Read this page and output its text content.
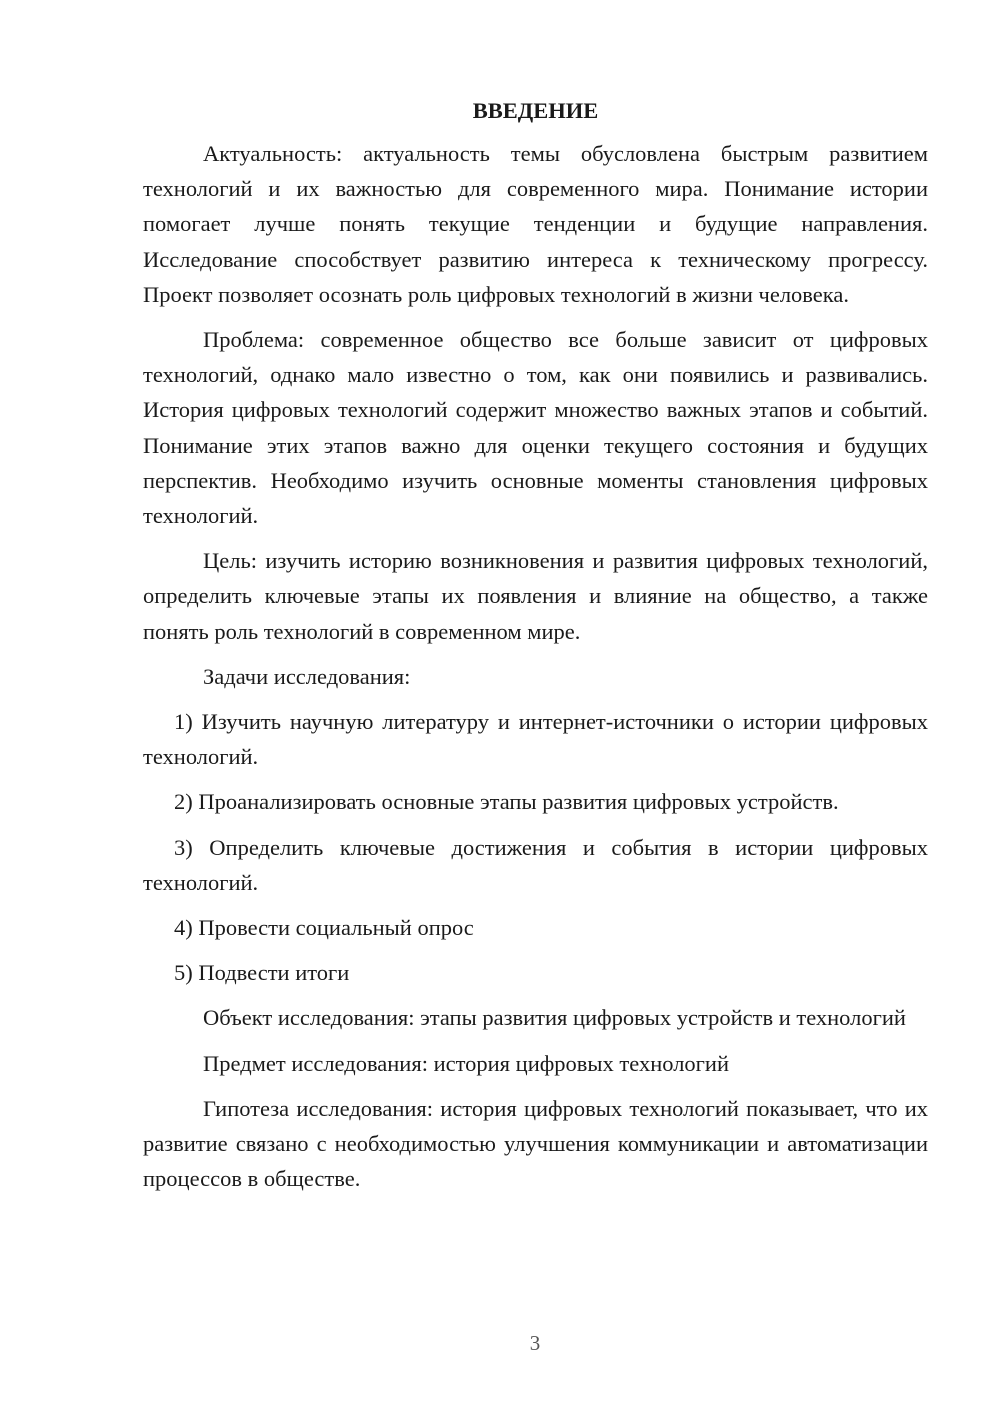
ВВЕДЕНИЕ

Актуальность: актуальность темы обусловлена быстрым развитием технологий и их важностью для современного мира. Понимание истории помогает лучше понять текущие тенденции и будущие направления. Исследование способствует развитию интереса к техническому прогрессу. Проект позволяет осознать роль цифровых технологий в жизни человека.

Проблема: современное общество все больше зависит от цифровых технологий, однако мало известно о том, как они появились и развивались. История цифровых технологий содержит множество важных этапов и событий. Понимание этих этапов важно для оценки текущего состояния и будущих перспектив. Необходимо изучить основные моменты становления цифровых технологий.

Цель: изучить историю возникновения и развития цифровых технологий, определить ключевые этапы их появления и влияние на общество, а также понять роль технологий в современном мире.

Задачи исследования:

1) Изучить научную литературу и интернет-источники о истории цифровых технологий.

2) Проанализировать основные этапы развития цифровых устройств.

3) Определить ключевые достижения и события в истории цифровых технологий.

4) Провести социальный опрос

5) Подвести итоги

Объект исследования: этапы развития цифровых устройств и технологий

Предмет исследования: история цифровых технологий

Гипотеза исследования: история цифровых технологий показывает, что их развитие связано с необходимостью улучшения коммуникации и автоматизации процессов в обществе.

3
